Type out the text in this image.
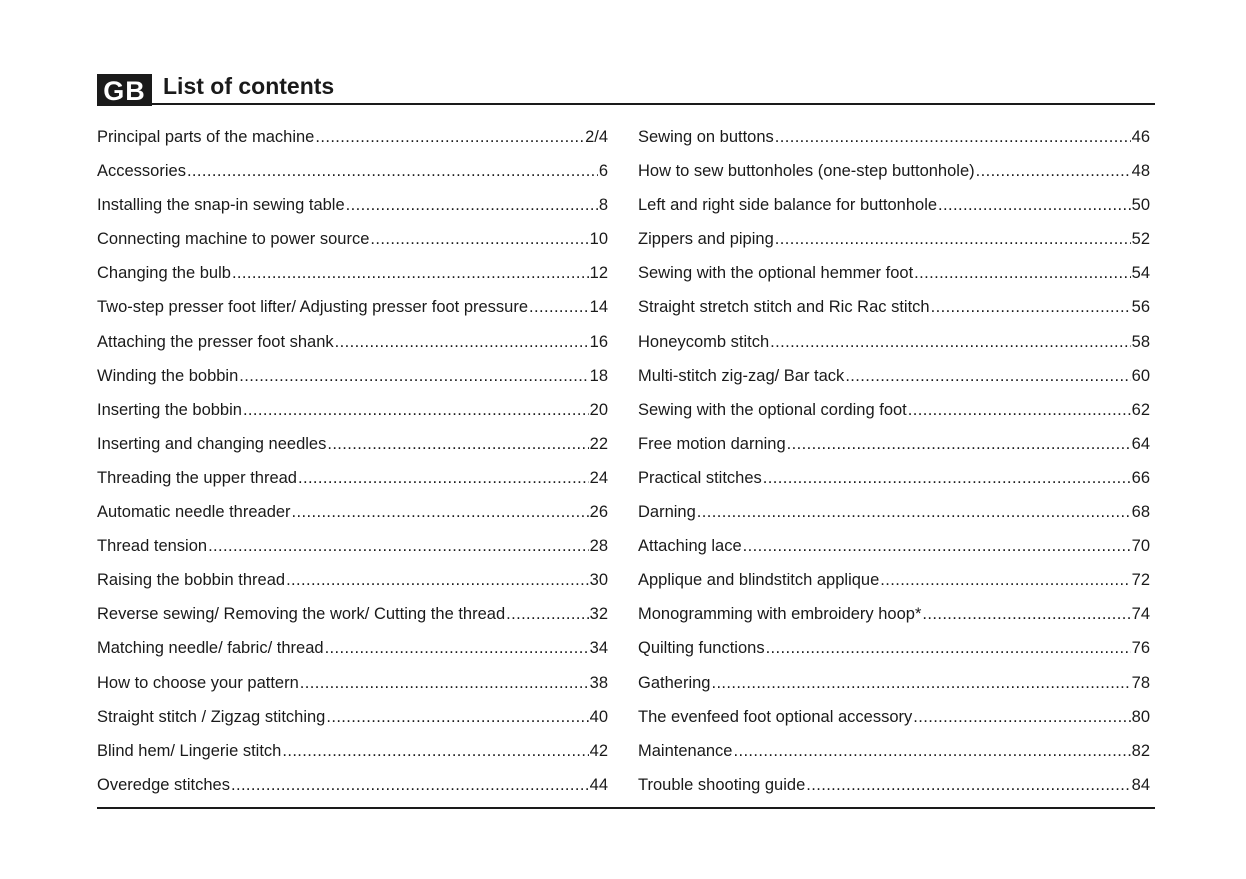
GB List of contents
Principal parts of the machine .....	2/4
Accessories .....	6
Installing the snap-in sewing table .....	8
Connecting machine to power source .....	10
Changing the bulb .....	12
Two-step presser foot lifter/ Adjusting presser foot pressure .....	14
Attaching the presser foot shank .....	16
Winding the bobbin .....	18
Inserting the bobbin .....	20
Inserting and changing needles .....	22
Threading the upper thread .....	24
Automatic needle threader .....	26
Thread tension .....	28
Raising the bobbin thread .....	30
Reverse sewing/ Removing the work/ Cutting the thread .....	32
Matching needle/ fabric/ thread .....	34
How to choose your pattern .....	38
Straight stitch / Zigzag stitching .....	40
Blind hem/ Lingerie stitch .....	42
Overedge stitches .....	44
Sewing on buttons .....	46
How to sew buttonholes (one-step buttonhole) .....	48
Left and right side balance for buttonhole .....	50
Zippers and piping .....	52
Sewing with the optional hemmer foot .....	54
Straight stretch stitch and Ric Rac stitch .....	56
Honeycomb stitch .....	58
Multi-stitch zig-zag/ Bar tack .....	60
Sewing with the optional cording foot .....	62
Free motion darning .....	64
Practical stitches .....	66
Darning .....	68
Attaching lace .....	70
Applique and blindstitch applique .....	72
Monogramming with embroidery hoop* .....	74
Quilting functions .....	76
Gathering .....	78
The evenfeed foot optional accessory .....	80
Maintenance .....	82
Trouble shooting guide .....	84
